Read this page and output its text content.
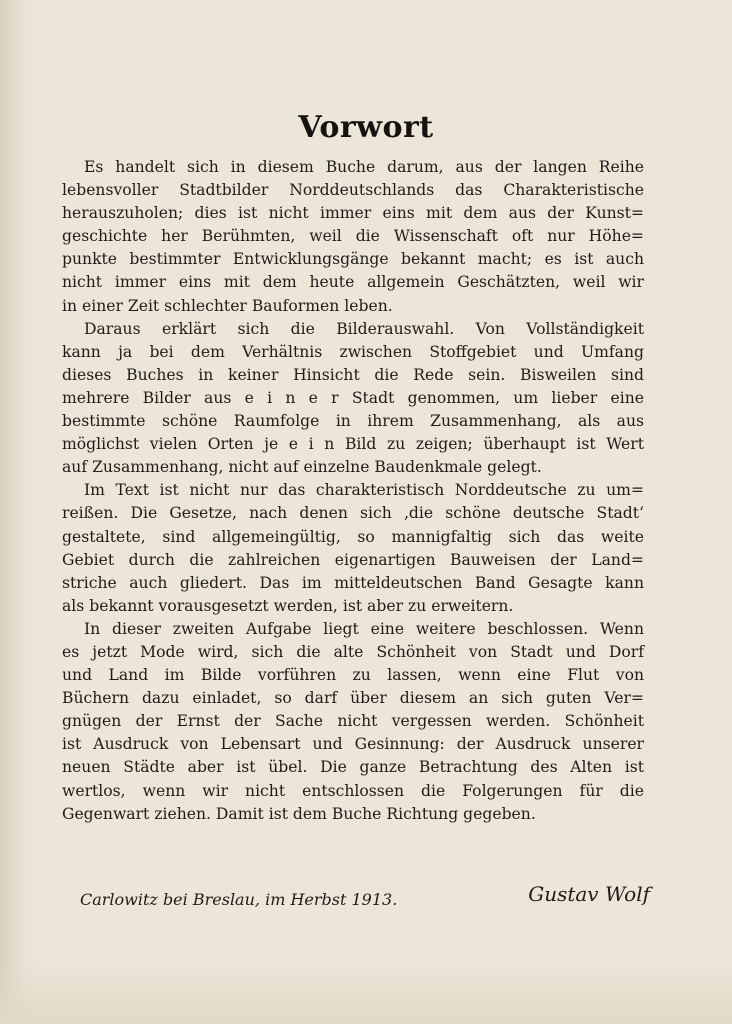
Vorwort
Es handelt sich in diesem Buche darum, aus der langen Reihe
lebensvoller Stadtbilder Norddeutschlands das Charakteristische
herauszuholen; dies ist nicht immer eins mit dem aus der Kunst=
geschichte her Berühmten, weil die Wissenschaft oft nur Höhe=
punkte bestimmter Entwicklungsgänge bekannt macht; es ist auch
nicht immer eins mit dem heute allgemein Geschätzten, weil wir
in einer Zeit schlechter Bauformen leben.
Daraus erklärt sich die Bilderauswahl. Von Vollständigkeit
kann ja bei dem Verhältnis zwischen Stoffgebiet und Umfang
dieses Buches in keiner Hinsicht die Rede sein. Bisweilen sind
mehrere Bilder aus e i n e r Stadt genommen, um lieber eine
bestimmte schöne Raumfolge in ihrem Zusammenhang, als aus
möglichst vielen Orten je e i n Bild zu zeigen; überhaupt ist Wert
auf Zusammenhang, nicht auf einzelne Baudenkmale gelegt.
Im Text ist nicht nur das charakteristisch Norddeutsche zu um=
reißen. Die Gesetze, nach denen sich ‚die schöne deutsche Stadt‘
gestaltete, sind allgemeingültig, so mannigfaltig sich das weite
Gebiet durch die zahlreichen eigenartigen Bauweisen der Land=
striche auch gliedert. Das im mitteldeutschen Band Gesagte kann
als bekannt vorausgesetzt werden, ist aber zu erweitern.
In dieser zweiten Aufgabe liegt eine weitere beschlossen. Wenn
es jetzt Mode wird, sich die alte Schönheit von Stadt und Dorf
und Land im Bilde vorführen zu lassen, wenn eine Flut von
Büchern dazu einladet, so darf über diesem an sich guten Ver=
gnügen der Ernst der Sache nicht vergessen werden. Schönheit
ist Ausdruck von Lebensart und Gesinnung: der Ausdruck unserer
neuen Städte aber ist übel. Die ganze Betrachtung des Alten ist
wertlos, wenn wir nicht entschlossen die Folgerungen für die
Gegenwart ziehen. Damit ist dem Buche Richtung gegeben.
Carlowitz bei Breslau, im Herbst 1913.	Gustav Wolf
